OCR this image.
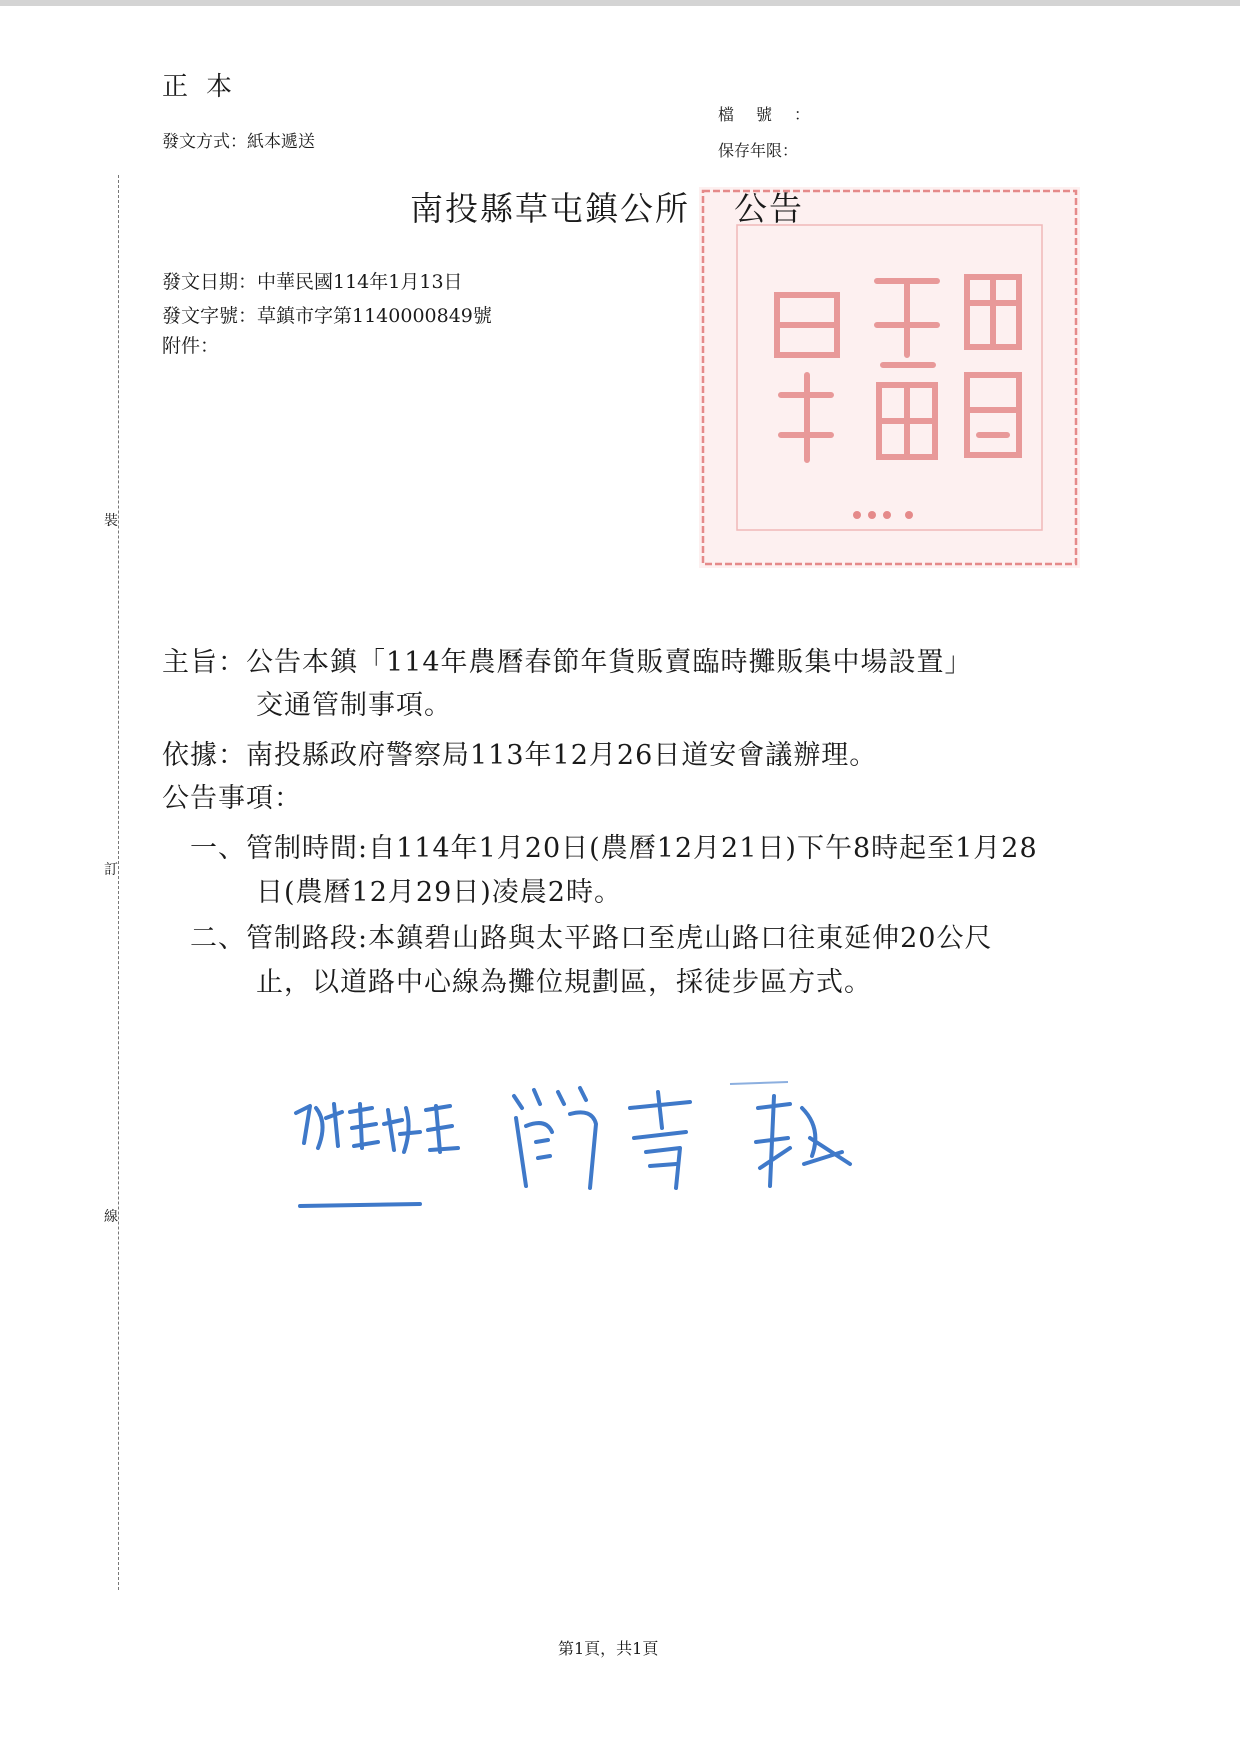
正本
發文方式：紙本遞送
檔號：
保存年限：
裝
訂
線
南投縣草屯鎮公所 公告
發文日期：中華民國114年1月13日
發文字號：草鎮市字第1140000849號
附件：
主旨：公告本鎮「114年農曆春節年貨販賣臨時攤販集中場設置」
交通管制事項。
依據：南投縣政府警察局113年12月26日道安會議辦理。
公告事項：
一、管制時間:自114年1月20日(農曆12月21日)下午8時起至1月28
日(農曆12月29日)凌晨2時。
二、管制路段:本鎮碧山路與太平路口至虎山路口往東延伸20公尺
止，以道路中心線為攤位規劃區，採徒步區方式。
第1頁，共1頁
